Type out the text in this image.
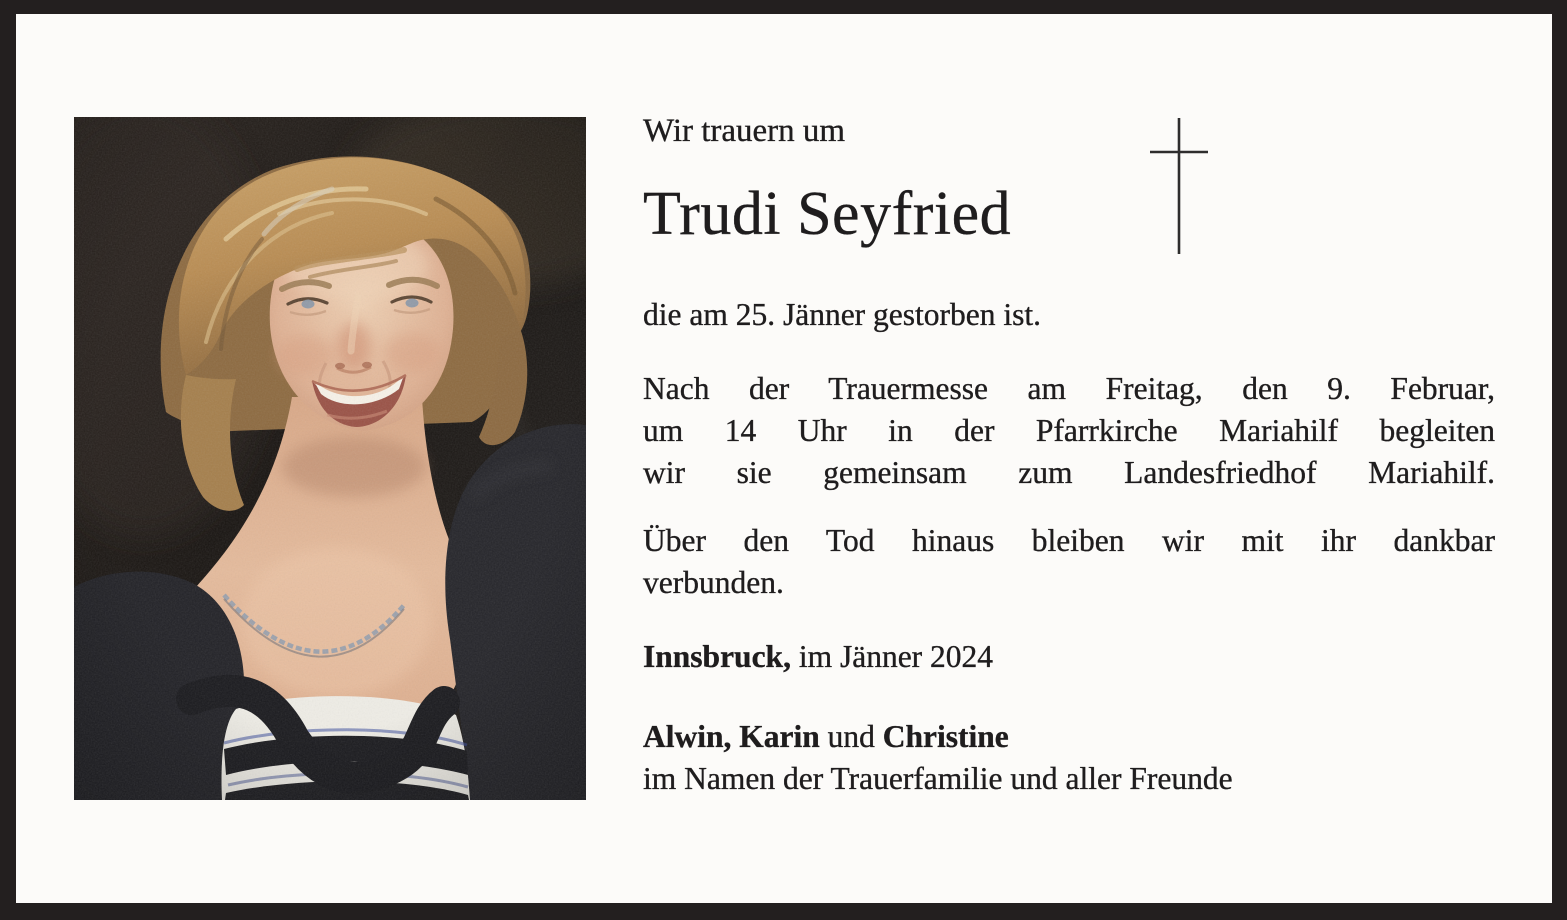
Wir trauern um
Trudi Seyfried
die am 25. Jänner gestorben ist.
Nach der Trauermesse am Freitag, den 9. Februar,
um 14 Uhr in der Pfarrkirche Mariahilf begleiten
wir sie gemeinsam zum Landesfriedhof Mariahilf.
Über den Tod hinaus bleiben wir mit ihr dankbar
verbunden.
Innsbruck, im Jänner 2024
Alwin, Karin und Christine
im Namen der Trauerfamilie und aller Freunde
